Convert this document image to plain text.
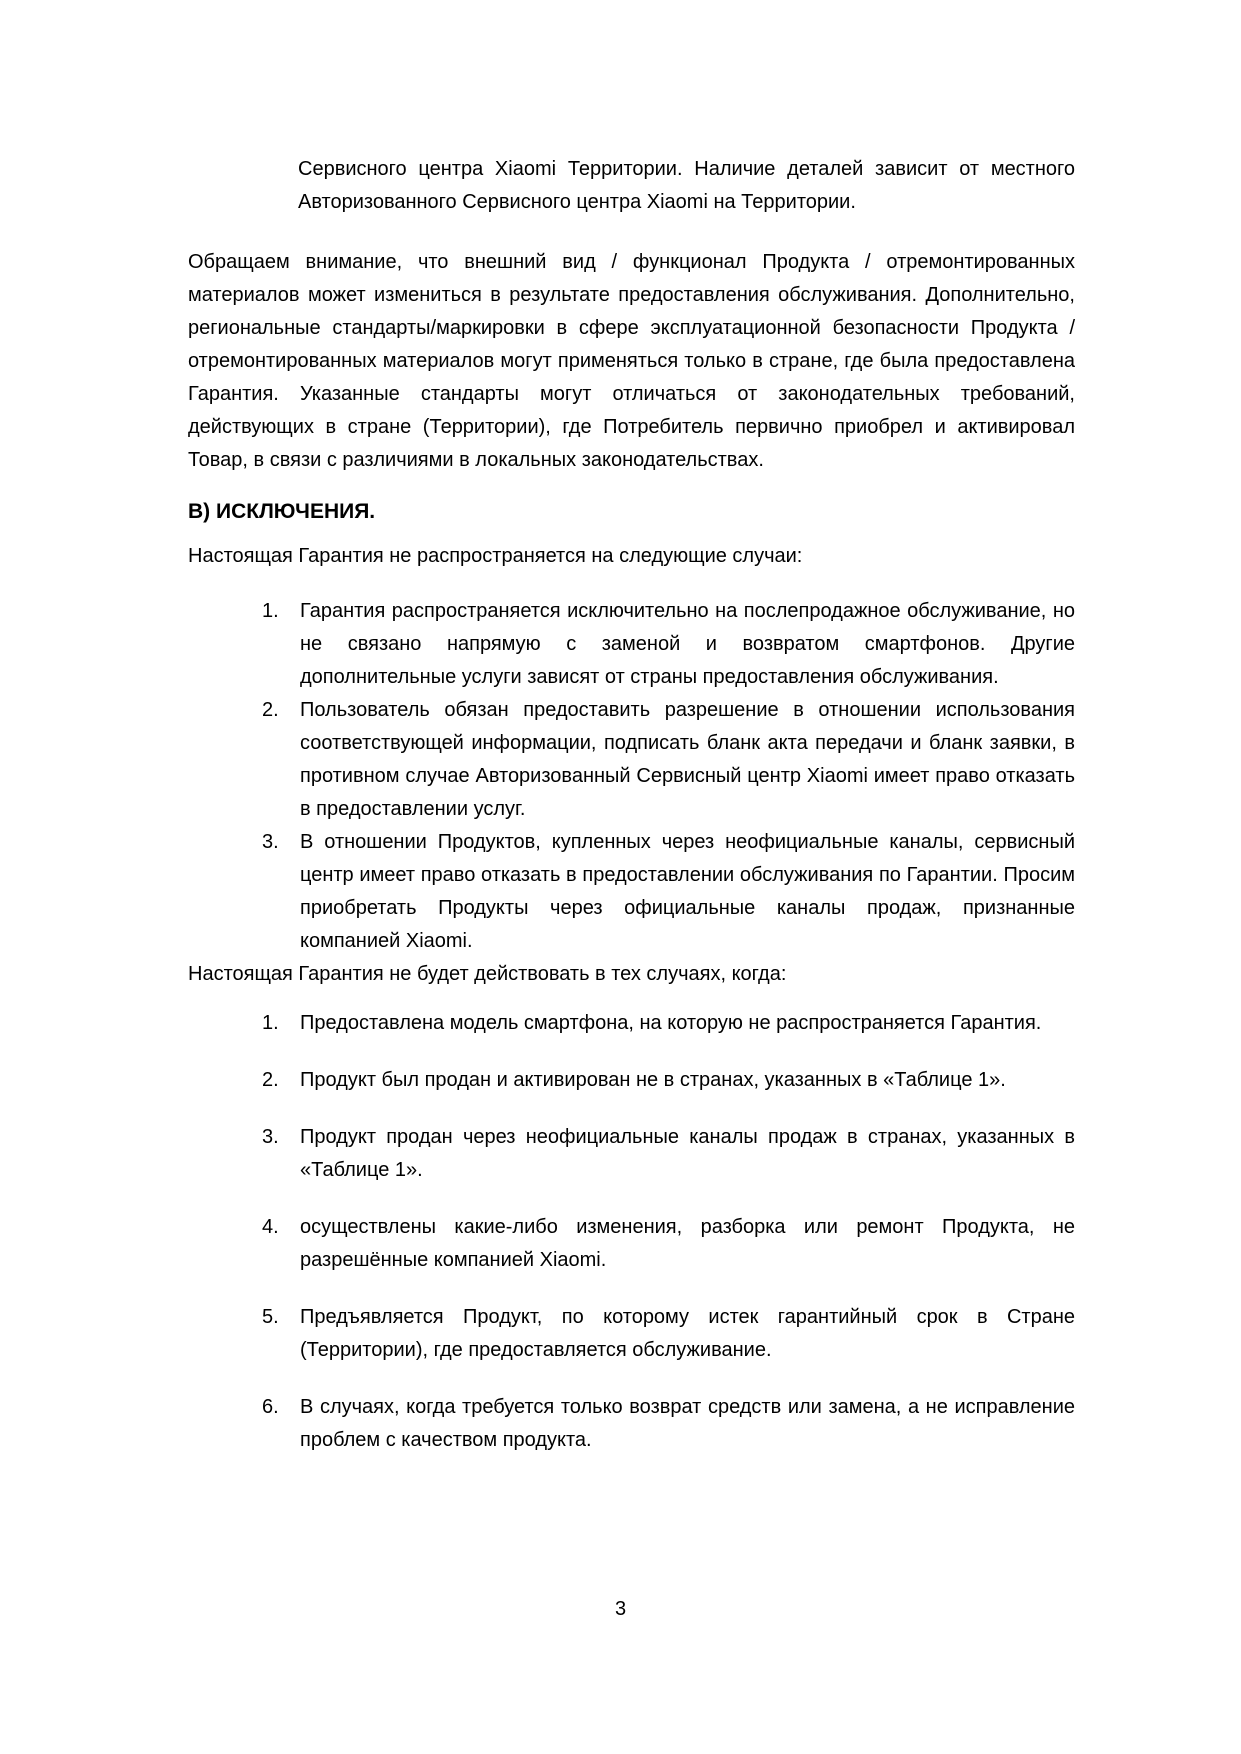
Сервисного центра Xiaomi Территории. Наличие деталей зависит от местного Авторизованного Сервисного центра Xiaomi на Территории.

Обращаем внимание, что внешний вид / функционал Продукта / отремонтированных материалов может измениться в результате предоставления обслуживания. Дополнительно, региональные стандарты/маркировки в сфере эксплуатационной безопасности Продукта / отремонтированных материалов могут применяться только в стране, где была предоставлена Гарантия. Указанные стандарты могут отличаться от законодательных требований, действующих в стране (Территории), где Потребитель первично приобрел и активировал Товар, в связи с различиями в локальных законодательствах.

В) ИСКЛЮЧЕНИЯ.

Настоящая Гарантия не распространяется на следующие случаи:

1. Гарантия распространяется исключительно на послепродажное обслуживание, но не связано напрямую с заменой и возвратом смартфонов. Другие дополнительные услуги зависят от страны предоставления обслуживания.
2. Пользователь обязан предоставить разрешение в отношении использования соответствующей информации, подписать бланк акта передачи и бланк заявки, в противном случае Авторизованный Сервисный центр Xiaomi имеет право отказать в предоставлении услуг.
3. В отношении Продуктов, купленных через неофициальные каналы, сервисный центр имеет право отказать в предоставлении обслуживания по Гарантии. Просим приобретать Продукты через официальные каналы продаж, признанные компанией Xiaomi.

Настоящая Гарантия не будет действовать в тех случаях, когда:

1. Предоставлена модель смартфона, на которую не распространяется Гарантия.
2. Продукт был продан и активирован не в странах, указанных в «Таблице 1».
3. Продукт продан через неофициальные каналы продаж в странах, указанных в «Таблице 1».
4. осуществлены какие-либо изменения, разборка или ремонт Продукта, не разрешённые компанией Xiaomi.
5. Предъявляется Продукт, по которому истек гарантийный срок в Стране (Территории), где предоставляется обслуживание.
6. В случаях, когда требуется только возврат средств или замена, а не исправление проблем с качеством продукта.
3
